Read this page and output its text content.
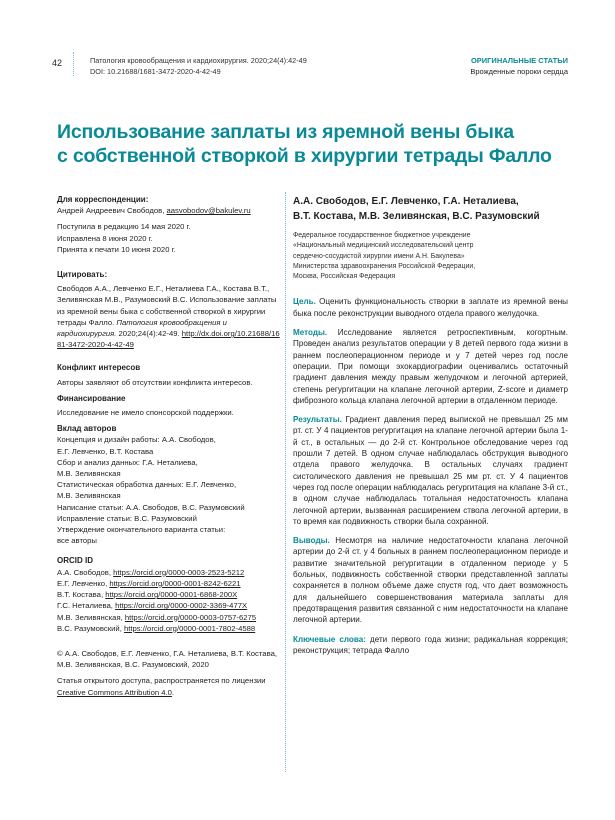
42	Патология кровообращения и кардиохирургия. 2020;24(4):42-49
DOI: 10.21688/1681-3472-2020-4-42-49
ОРИГИНАЛЬНЫЕ СТАТЬИ
Врожденные пороки сердца
Использование заплаты из яремной вены быка
с собственной створкой в хирургии тетрады Фалло
Для корреспонденции:
Андрей Андреевич Свободов, aasvobodov@bakulev.ru

Поступила в редакцию 14 мая 2020 г.
Исправлена 8 июня 2020 г.
Принята к печати 10 июня 2020 г.

Цитировать:

Свободов А.А., Левченко Е.Г., Неталиева Г.А., Костава В.Т., Зеливянская М.В., Разумовский В.С. Использование заплаты из яремной вены быка с собственной створкой в хирургии тетрады Фалло. Патология кровообращения и кардиохирургия. 2020;24(4):42-49. http://dx.doi.org/10.21688/1681-3472-2020-4-42-49

Конфликт интересов

Авторы заявляют об отсутствии конфликта интересов.

Финансирование

Исследование не имело спонсорской поддержки.

Вклад авторов
Концепция и дизайн работы: А.А. Свободов,
Е.Г. Левченко, В.Т. Костава
Сбор и анализ данных: Г.А. Неталиева,
М.В. Зеливянская
Статистическая обработка данных: Е.Г. Левченко,
М.В. Зеливянская
Написание статьи: А.А. Свободов, В.С. Разумовский
Исправление статьи: В.С. Разумовский
Утверждение окончательного варианта статьи:
все авторы
ORCID ID
А.А. Свободов, https://orcid.org/0000-0003-2523-5212
Е.Г. Левченко, https://orcid.org/0000-0001-8242-6221
В.Т. Костава, https://orcid.org/0000-0001-6868-200X
Г.С. Неталиева, https://orcid.org/0000-0002-3369-477X
М.В. Зеливянская, https://orcid.org/0000-0003-0757-6275
В.С. Разумовский, https://orcid.org/0000-0001-7802-4588

© А.А. Свободов, Е.Г. Левченко, Г.А. Неталиева, В.Т. Костава, М.В. Зеливянская, В.С. Разумовский, 2020

Статья открытого доступа, распространяется по лицензии Creative Commons Attribution 4.0.

А.А. Свободов, Е.Г. Левченко, Г.А. Неталиева,
В.Т. Костава, М.В. Зеливянская, В.С. Разумовский
Федеральное государственное бюджетное учреждение
«Национальный медицинский исследовательский центр
сердечно-сосудистой хирургии имени А.Н. Бакулева»
Министерства здравоохранения Российской Федерации,
Москва, Российская Федерация

Цель. Оценить функциональность створки в заплате из яремной вены быка после реконструкции выводного отдела правого желудочка.

Методы. Исследование является ретроспективным, когортным. Проведен анализ результатов операции у 8 детей первого года жизни в раннем послеоперационном периоде и у 7 детей через год после операции. При помощи эхокардиографии оценивались остаточный градиент давления между правым желудочком и легочной артерией, степень регургитации на клапане легочной артерии, Z-score и диаметр фиброзного кольца клапана легочной артерии в отдаленном периоде.

Результаты. Градиент давления перед выпиской не превышал 25 мм рт. ст. У 4 пациентов регургитация на клапане легочной артерии была 1-й ст., в остальных — до 2-й ст. Контрольное обследование через год прошли 7 детей. В одном случае наблюдалась обструкция выводного отдела правого желудочка. В остальных случаях градиент систолического давления не превышал 25 мм рт. ст. У 4 пациентов через год после операции наблюдалась регургитация на клапане 3-й ст., в одном случае наблюдалась тотальная недостаточность клапана легочной артерии, вызванная расширением ствола легочной артерии, в то время как подвижность створки была сохранной.

Выводы. Несмотря на наличие недостаточности клапана легочной артерии до 2-й ст. у 4 больных в раннем послеоперационном периоде и развитие значительной регургитации в отдаленном периоде у 5 больных, подвижность собственной створки представленной заплаты сохраняется в полном объеме даже спустя год, что дает возможность для дальнейшего совершенствования материала заплаты для предотвращения развития связанной с ним недостаточности на клапане легочной артерии.

Ключевые слова: дети первого года жизни; радикальная коррекция; реконструкция; тетрада Фалло
